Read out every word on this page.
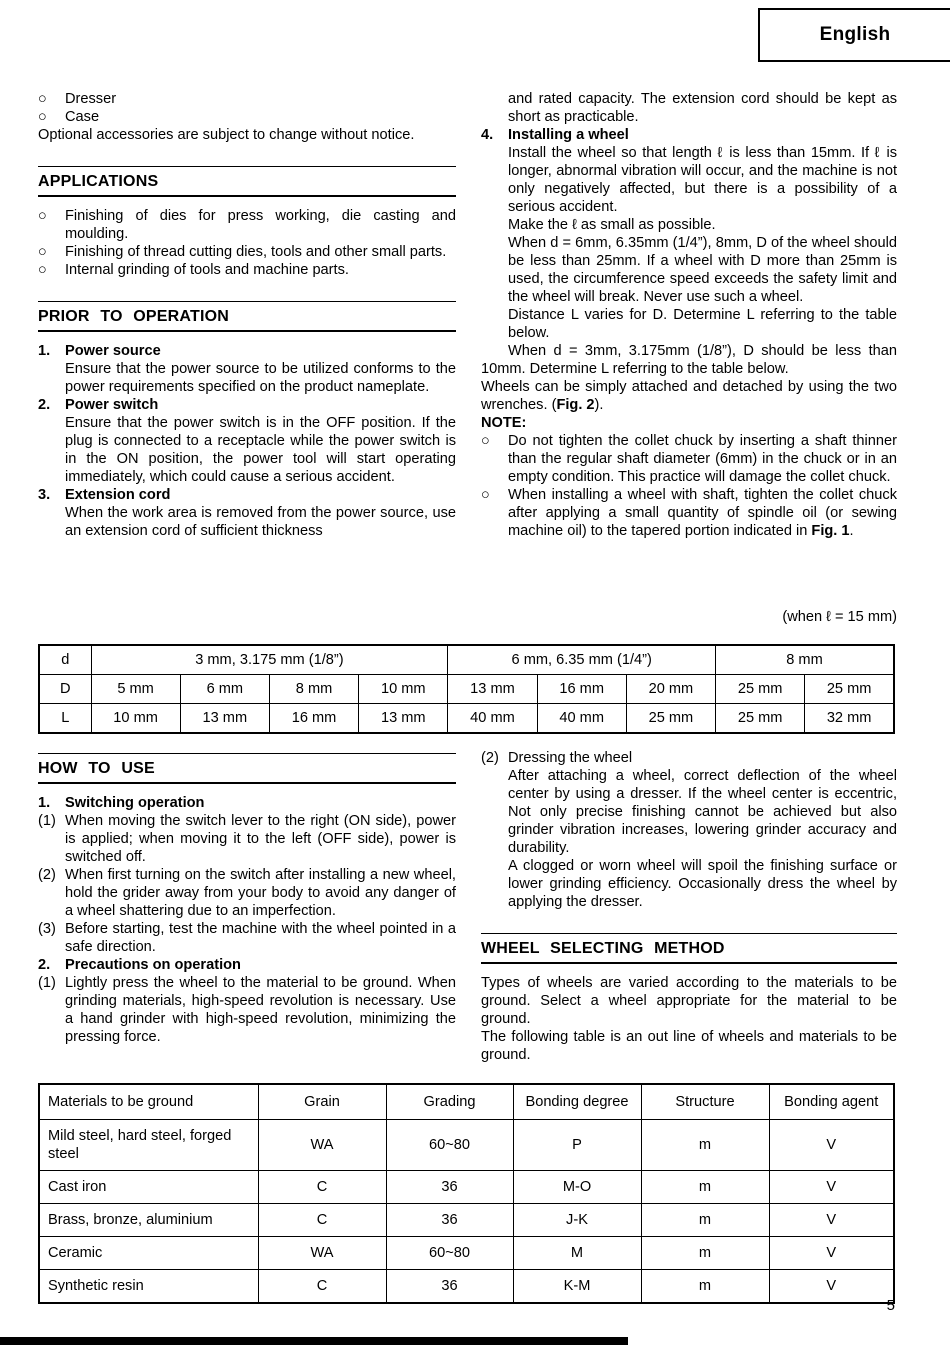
English
○	Dresser
○	Case
Optional accessories are subject to change without notice.
APPLICATIONS
○	Finishing of dies for press working, die casting and moulding.
○	Finishing of thread cutting dies, tools and other small parts.
○	Internal grinding of tools and machine parts.
PRIOR TO OPERATION
1.	Power source
Ensure that the power source to be utilized conforms to the power requirements specified on the product nameplate.
2.	Power switch
Ensure that the power switch is in the OFF position. If the plug is connected to a receptacle while the power switch is in the ON position, the power tool will start operating immediately, which could cause a serious accident.
3.	Extension cord
When the work area is removed from the power source, use an extension cord of sufficient thickness
and rated capacity. The extension cord should be kept as short as practicable.
4.	Installing a wheel
Install the wheel so that length ℓ is less than 15mm. If ℓ is longer, abnormal vibration will occur, and the machine is not only negatively affected, but there is a possibility of a serious accident.
Make the ℓ as small as possible.
When d = 6mm, 6.35mm (1/4”), 8mm, D of the wheel should be less than 25mm. If a wheel with D more than 25mm is used, the circumference speed exceeds the safety limit and the wheel will break. Never use such a wheel.
Distance L varies for D. Determine L referring to the table below.
When d = 3mm, 3.175mm (1/8”), D should be less than 10mm. Determine L referring to the table below.
Wheels can be simply attached and detached by using the two wrenches. (Fig. 2).
NOTE:
○	Do not tighten the collet chuck by inserting a shaft thinner than the regular shaft diameter (6mm) in the chuck or in an empty condition. This practice will damage the collet chuck.
○	When installing a wheel with shaft, tighten the collet chuck after applying a small quantity of spindle oil (or sewing machine oil) to the tapered portion indicated in Fig. 1.
(when ℓ = 15 mm)
d	3 mm, 3.175 mm (1/8”)				6 mm, 6.35 mm (1/4”)			8 mm	
D	5 mm	6 mm	8 mm	10 mm	13 mm	16 mm	20 mm	25 mm	25 mm
L	10 mm	13 mm	16 mm	13 mm	40 mm	40 mm	25 mm	25 mm	32 mm
HOW TO USE
1.	Switching operation
(1) When moving the switch lever to the right (ON side), power is applied; when moving it to the left (OFF side), power is switched off.
(2) When first turning on the switch after installing a new wheel, hold the grider away from your body to avoid any danger of a wheel shattering due to an imperfection.
(3) Before starting, test the machine with the wheel pointed in a safe direction.
2.	Precautions on operation
(1) Lightly press the wheel to the material to be ground. When grinding materials, high-speed revolution is necessary. Use a hand grinder with high-speed revolution, minimizing the pressing force.
(2) Dressing the wheel
After attaching a wheel, correct deflection of the wheel center by using a dresser. If the wheel center is eccentric, Not only precise finishing cannot be achieved but also grinder vibration increases, lowering grinder accuracy and durability.
A clogged or worn wheel will spoil the finishing surface or lower grinding efficiency. Occasionally dress the wheel by applying the dresser.
WHEEL SELECTING METHOD
Types of wheels are varied according to the materials to be ground. Select a wheel appropriate for the material to be ground.
The following table is an out line of wheels and materials to be ground.
Materials to be ground	Grain	Grading	Bonding degree	Structure	Bonding agent
Mild steel, hard steel, forged steel	WA	60~80	P	m	V
Cast iron	C	36	M-O	m	V
Brass, bronze, aluminium	C	36	J-K	m	V
Ceramic	WA	60~80	M	m	V
Synthetic resin	C	36	K-M	m	V
5
